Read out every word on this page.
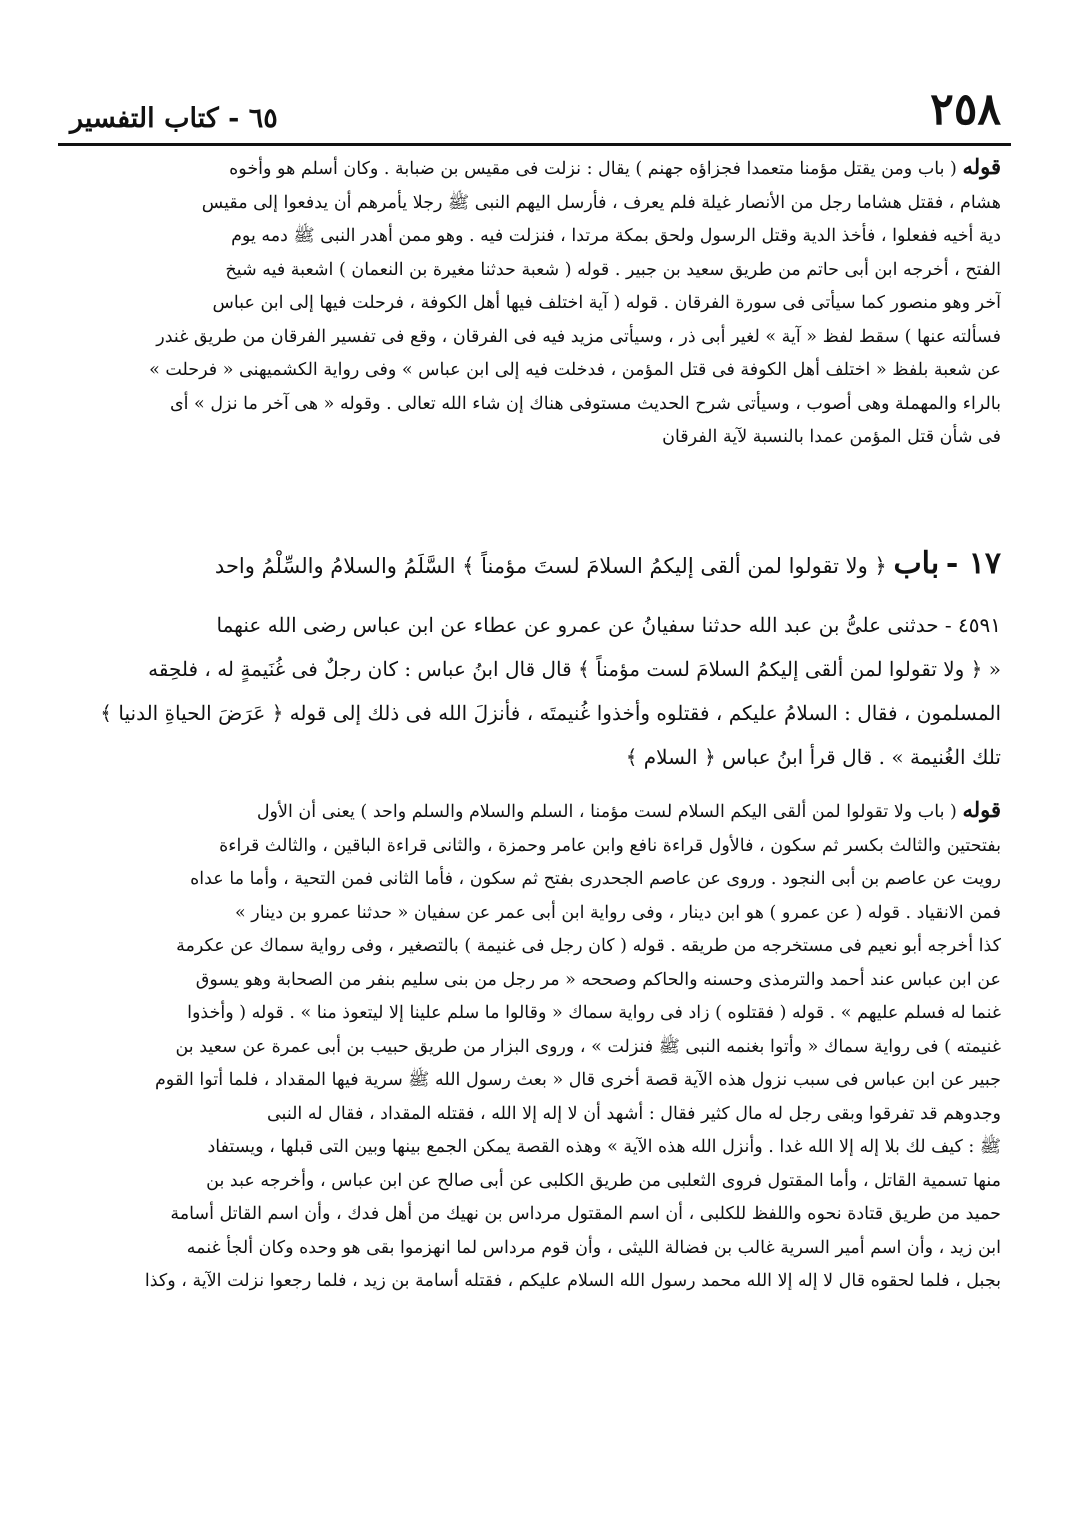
٢٥٨
٦٥ - كتاب التفسير
قوله ( باب ومن يقتل مؤمنا متعمدا فجزاؤه جهنم ) يقال : نزلت فى مقيس بن ضبابة . وكان أسلم هو وأخوه
هشام ، فقتل هشاما رجل من الأنصار غيلة فلم يعرف ، فأرسل اليهم النبى ﷺ رجلا يأمرهم أن يدفعوا إلى مقيس
دية أخيه ففعلوا ، فأخذ الدية وقتل الرسول ولحق بمكة مرتدا ، فنزلت فيه . وهو ممن أهدر النبى ﷺ دمه يوم
الفتح ، أخرجه ابن أبى حاتم من طريق سعيد بن جبير . قوله ( شعبة حدثنا مغيرة بن النعمان ) اشعبة فيه شيخ
آخر وهو منصور كما سيأتى فى سورة الفرقان . قوله ( آية اختلف فيها أهل الكوفة ، فرحلت فيها إلى ابن عباس
فسألته عنها ) سقط لفظ « آية » لغير أبى ذر ، وسيأتى مزيد فيه فى الفرقان ، وقع فى تفسير الفرقان من طريق غندر
عن شعبة بلفظ « اختلف أهل الكوفة فى قتل المؤمن ، فدخلت فيه إلى ابن عباس » وفى رواية الكشميهنى « فرحلت »
بالراء والمهملة وهى أصوب ، وسيأتى شرح الحديث مستوفى هناك إن شاء الله تعالى . وقوله « هى آخر ما نزل » أى
فى شأن قتل المؤمن عمدا بالنسبة لآية الفرقان
١٧ - باب ﴿ ولا تقولوا لمن ألقى إليكمُ السلامَ لستَ مؤمناً ﴾ السَّلَمُ والسلامُ والسِّلْمُ واحد
٤٥٩١ - حدثنى علىُّ بن عبد الله حدثنا سفيانُ عن عمرو عن عطاء عن ابن عباس رضى الله عنهما
« ﴿ ولا تقولوا لمن ألقى إليكمُ السلامَ لست مؤمناً ﴾ قال قال ابنُ عباس : كان رجلٌ فى غُنَيمةٍ له ، فلحِقه
المسلمون ، فقال : السلامُ عليكم ، فقتلوه وأخذوا غُنيمتَه ، فأنزلَ الله فى ذلك إلى قوله ﴿ عَرَضَ الحياةِ الدنيا ﴾
تلك الغُنيمة » . قال قرأ ابنُ عباس ﴿ السلام ﴾
قوله ( باب ولا تقولوا لمن ألقى اليكم السلام لست مؤمنا ، السلم والسلام والسلم واحد ) يعنى أن الأول
بفتحتين والثالث بكسر ثم سكون ، فالأول قراءة نافع وابن عامر وحمزة ، والثانى قراءة الباقين ، والثالث قراءة
رويت عن عاصم بن أبى النجود . وروى عن عاصم الجحدرى بفتح ثم سكون ، فأما الثانى فمن التحية ، وأما ما عداه
فمن الانقياد . قوله ( عن عمرو ) هو ابن دينار ، وفى رواية ابن أبى عمر عن سفيان « حدثنا عمرو بن دينار »
كذا أخرجه أبو نعيم فى مستخرجه من طريقه . قوله ( كان رجل فى غنيمة ) بالتصغير ، وفى رواية سماك عن عكرمة
عن ابن عباس عند أحمد والترمذى وحسنه والحاكم وصححه « مر رجل من بنى سليم بنفر من الصحابة وهو يسوق
غنما له فسلم عليهم » . قوله ( فقتلوه ) زاد فى رواية سماك « وقالوا ما سلم علينا إلا ليتعوذ منا » . قوله ( وأخذوا
غنيمته ) فى رواية سماك « وأتوا بغنمه النبى ﷺ فنزلت » ، وروى البزار من طريق حبيب بن أبى عمرة عن سعيد بن
جبير عن ابن عباس فى سبب نزول هذه الآية قصة أخرى قال « بعث رسول الله ﷺ سرية فيها المقداد ، فلما أتوا القوم
وجدوهم قد تفرقوا وبقى رجل له مال كثير فقال : أشهد أن لا إله إلا الله ، فقتله المقداد ، فقال له النبى
ﷺ : كيف لك بلا إله إلا الله غدا . وأنزل الله هذه الآية » وهذه القصة يمكن الجمع بينها وبين التى قبلها ، ويستفاد
منها تسمية القاتل ، وأما المقتول فروى الثعلبى من طريق الكلبى عن أبى صالح عن ابن عباس ، وأخرجه عبد بن
حميد من طريق قتادة نحوه واللفظ للكلبى ، أن اسم المقتول مرداس بن نهيك من أهل فدك ، وأن اسم القاتل أسامة
ابن زيد ، وأن اسم أمير السرية غالب بن فضالة الليثى ، وأن قوم مرداس لما انهزموا بقى هو وحده وكان ألجأ غنمه
بجبل ، فلما لحقوه قال لا إله إلا الله محمد رسول الله السلام عليكم ، فقتله أسامة بن زيد ، فلما رجعوا نزلت الآية ، وكذا
